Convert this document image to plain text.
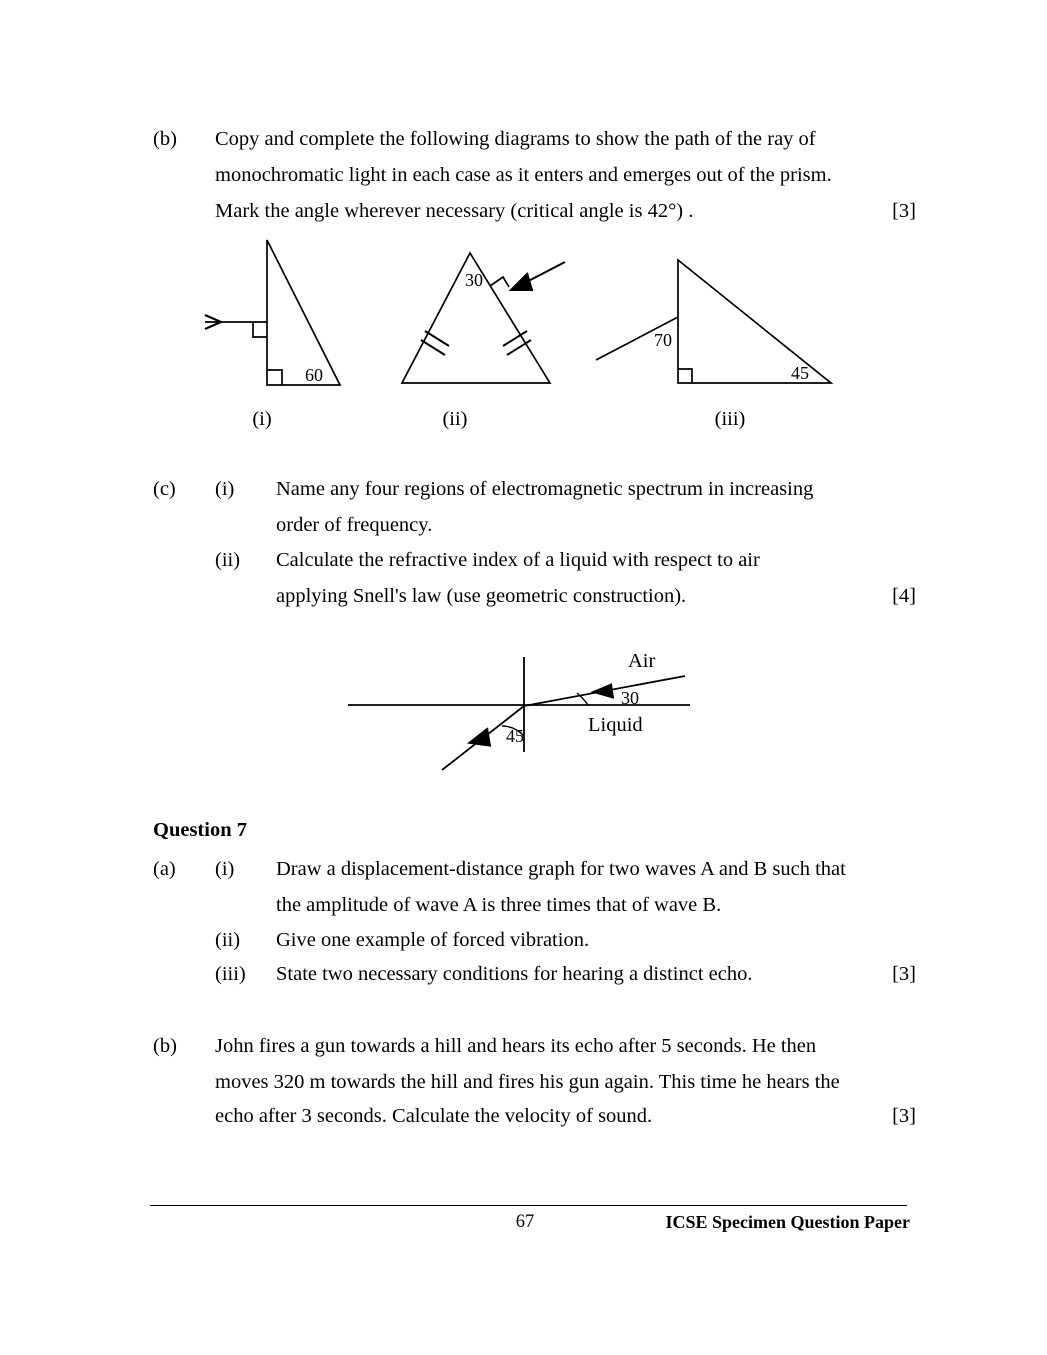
(b) Copy and complete the following diagrams to show the path of the ray of
monochromatic light in each case as it enters and emerges out of the prism.
Mark the angle wherever necessary (critical angle is 42°) .	[3]
60
(i)
30
(ii)
70
45
(iii)
(c) (i) Name any four regions of electromagnetic spectrum in increasing
order of frequency.
(ii) Calculate the refractive index of a liquid with respect to air
applying Snell's law (use geometric construction).	[4]
Air
30
Liquid
45
Question 7
(a) (i) Draw a displacement-distance graph for two waves A and B such that
the amplitude of wave A is three times that of wave B.
(ii) Give one example of forced vibration.
(iii) State two necessary conditions for hearing a distinct echo.	[3]
(b) John fires a gun towards a hill and hears its echo after 5 seconds. He then
moves 320 m towards the hill and fires his gun again. This time he hears the
echo after 3 seconds. Calculate the velocity of sound.	[3]
67	ICSE Specimen Question Paper
